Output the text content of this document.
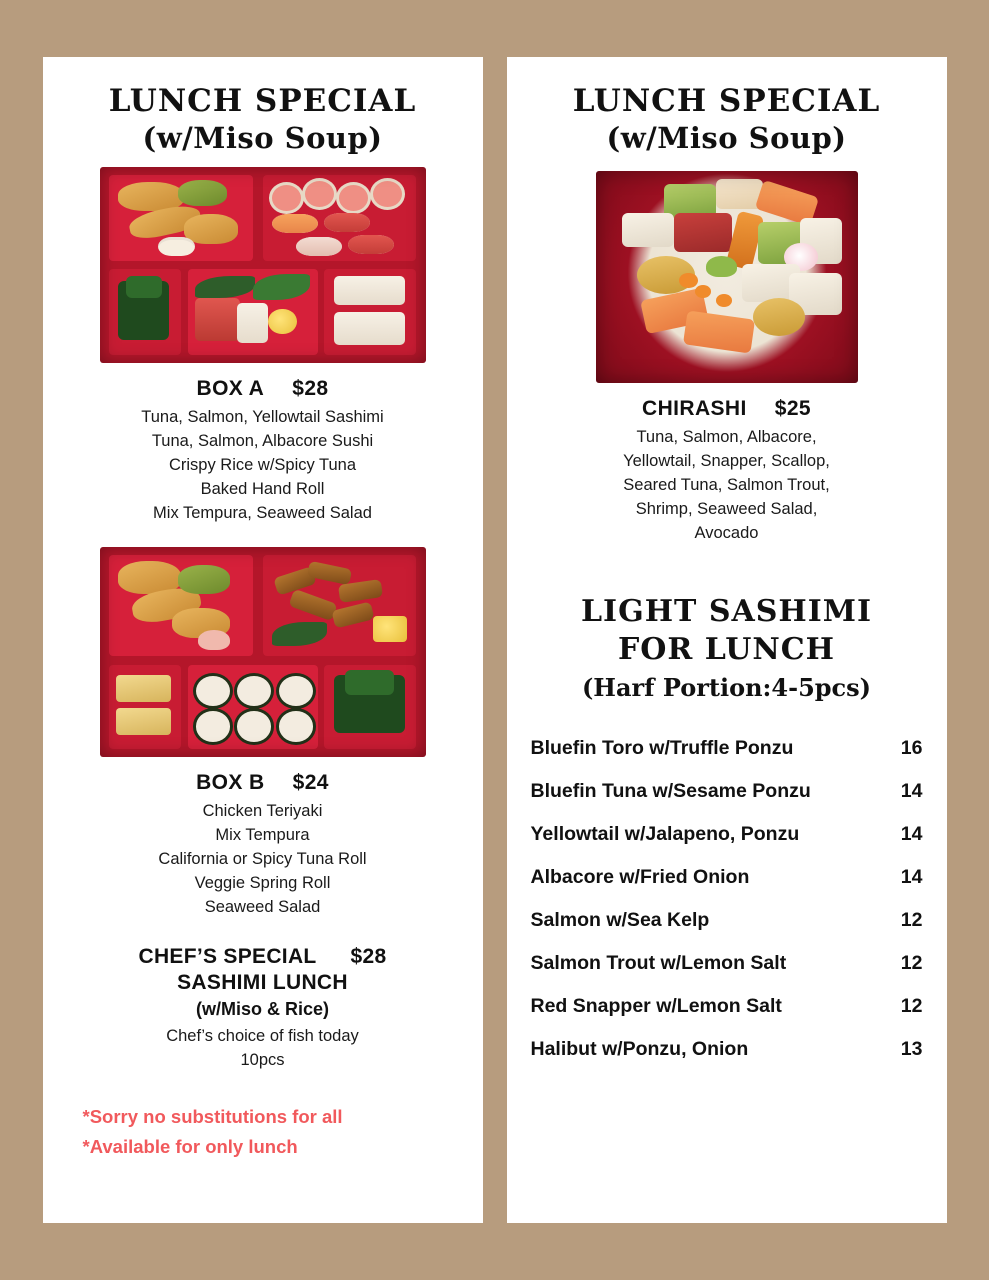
LUNCH SPECIAL
(w/Miso Soup)
BOX A $28
Tuna, Salmon, Yellowtail Sashimi
Tuna, Salmon, Albacore Sushi
Crispy Rice w/Spicy Tuna
Baked Hand Roll
Mix Tempura, Seaweed Salad
BOX B $24
Chicken Teriyaki
Mix Tempura
California or Spicy Tuna Roll
Veggie Spring Roll
Seaweed Salad
CHEF’S SPECIAL $28
SASHIMI LUNCH
(w/Miso & Rice)
Chef’s choice of fish today
10pcs
*Sorry no substitutions for all
*Available for only lunch
LUNCH SPECIAL
(w/Miso Soup)
CHIRASHI $25
Tuna, Salmon, Albacore,
Yellowtail, Snapper, Scallop,
Seared Tuna, Salmon Trout,
Shrimp, Seaweed Salad,
Avocado
LIGHT SASHIMI
FOR LUNCH
(Harf Portion:4-5pcs)
Bluefin Toro w/Truffle Ponzu	16
Bluefin Tuna w/Sesame Ponzu	14
Yellowtail w/Jalapeno, Ponzu	14
Albacore w/Fried Onion	14
Salmon w/Sea Kelp	12
Salmon Trout w/Lemon Salt	12
Red Snapper w/Lemon Salt	12
Halibut w/Ponzu, Onion	13
